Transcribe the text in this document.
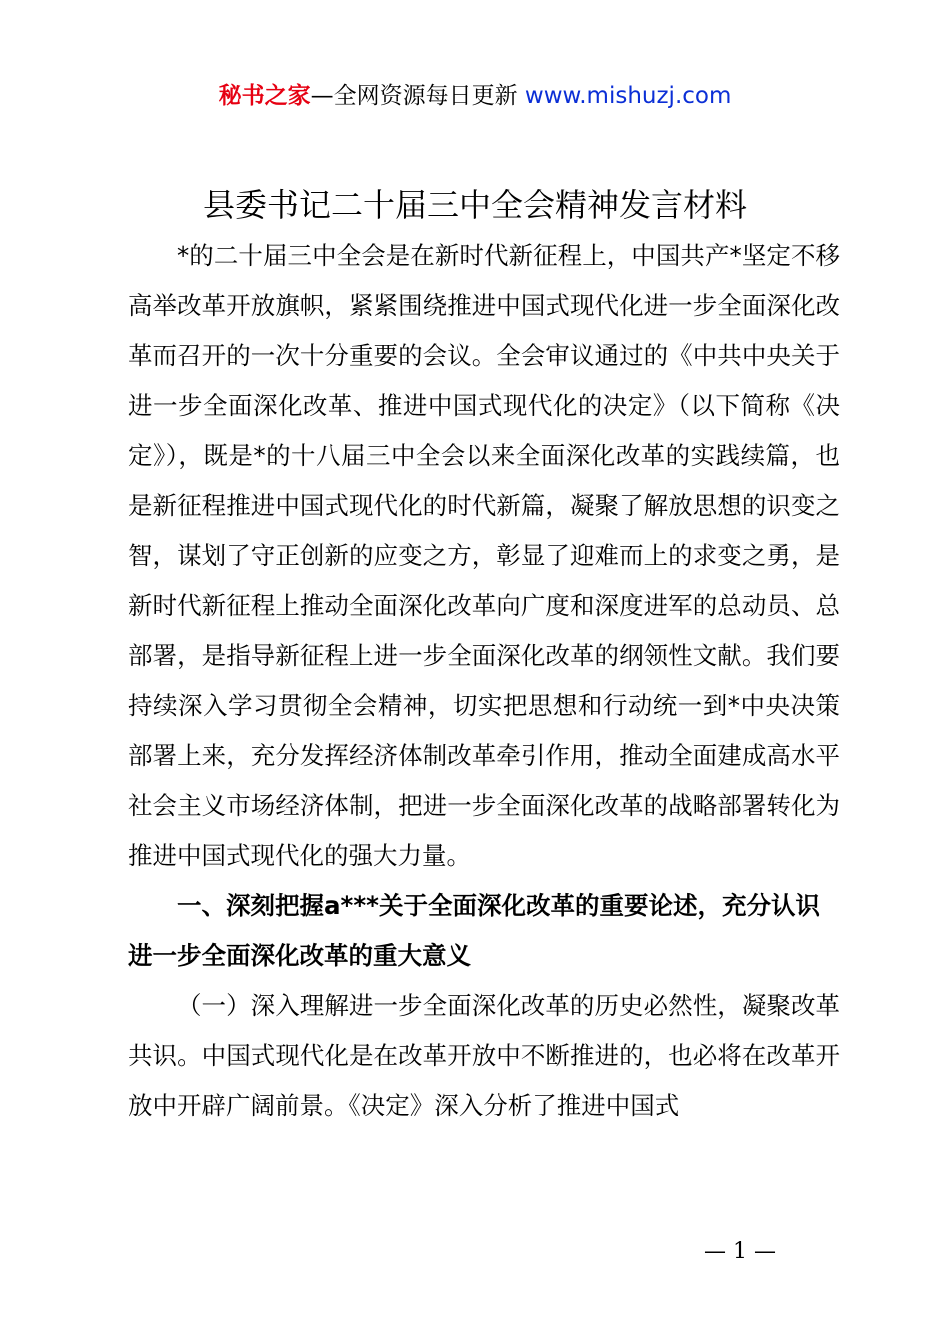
秘书之家—全网资源每日更新 www.mishuzj.com
县委书记二十届三中全会精神发言材料

*的二十届三中全会是在新时代新征程上，中国共产*坚定不移高举改革开放旗帜，紧紧围绕推进中国式现代化进一步全面深化改革而召开的一次十分重要的会议。全会审议通过的《中共中央关于进一步全面深化改革、推进中国式现代化的决定》（以下简称《决定》），既是*的十八届三中全会以来全面深化改革的实践续篇，也是新征程推进中国式现代化的时代新篇，凝聚了解放思想的识变之智，谋划了守正创新的应变之方，彰显了迎难而上的求变之勇，是新时代新征程上推动全面深化改革向广度和深度进军的总动员、总部署，是指导新征程上进一步全面深化改革的纲领性文献。我们要持续深入学习贯彻全会精神，切实把思想和行动统一到*中央决策部署上来，充分发挥经济体制改革牵引作用，推动全面建成高水平社会主义市场经济体制，把进一步全面深化改革的战略部署转化为推进中国式现代化的强大力量。

一、深刻把握a***关于全面深化改革的重要论述，充分认识进一步全面深化改革的重大意义

（一）深入理解进一步全面深化改革的历史必然性，凝聚改革共识。中国式现代化是在改革开放中不断推进的，也必将在改革开放中开辟广阔前景。《决定》深入分析了推进中国式

— 1 —
